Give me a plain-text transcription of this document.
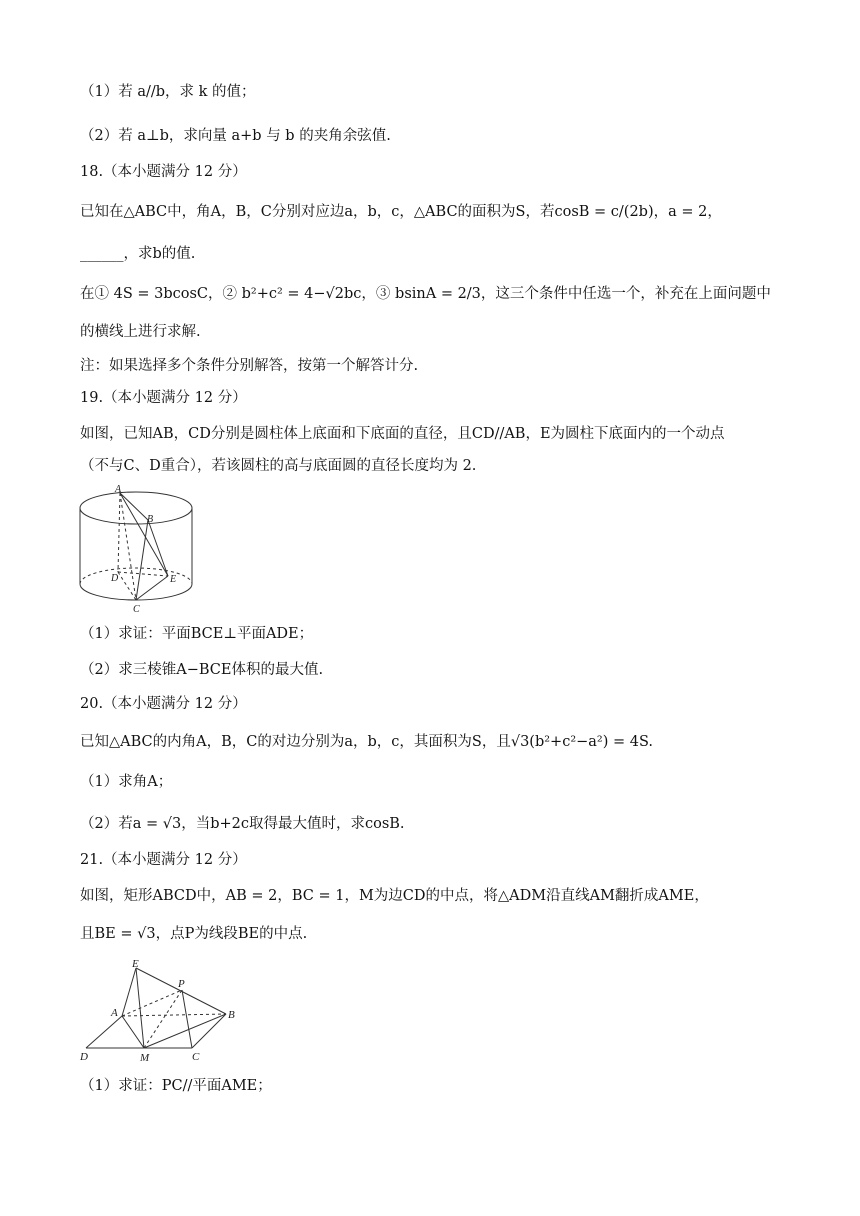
（1）若 a//b，求 k 的值；
（2）若 a⊥b，求向量 a+b 与 b 的夹角余弦值.
18.（本小题满分 12 分）
已知在△ABC中，角A，B，C分别对应边a，b，c，△ABC的面积为S，若cosB = c/(2b)，a = 2，
______，求b的值.
在① 4S = 3bcosC，② b²+c² = 4−√2bc，③ bsinA = 2/3，这三个条件中任选一个，补充在上面问题中
的横线上进行求解.
注：如果选择多个条件分别解答，按第一个解答计分.
19.（本小题满分 12 分）
如图，已知AB，CD分别是圆柱体上底面和下底面的直径，且CD//AB，E为圆柱下底面内的一个动点
（不与C、D重合），若该圆柱的高与底面圆的直径长度均为 2.
A
B
D	E
C
（1）求证：平面BCE⊥平面ADE；
（2）求三棱锥A−BCE体积的最大值.
20.（本小题满分 12 分）
已知△ABC的内角A，B，C的对边分别为a，b，c，其面积为S，且√3(b²+c²−a²) = 4S.
（1）求角A；
（2）若a = √3，当b+2c取得最大值时，求cosB.
21.（本小题满分 12 分）
如图，矩形ABCD中，AB = 2，BC = 1，M为边CD的中点，将△ADM沿直线AM翻折成AME，
且BE = √3，点P为线段BE的中点.
E
P
A	B
D	M	C
（1）求证：PC//平面AME；
